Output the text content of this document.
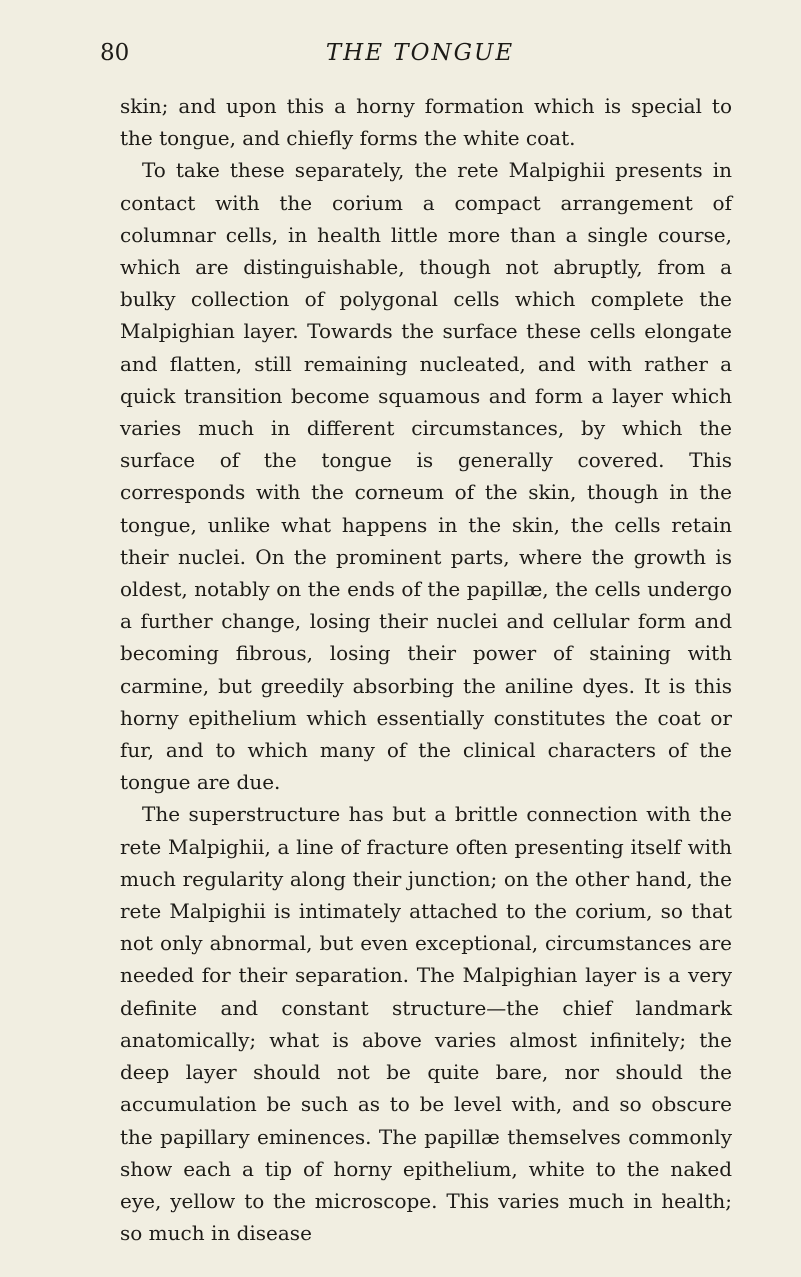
80	THE TONGUE

skin; and upon this a horny formation which is special to the tongue, and chiefly forms the white coat.

To take these separately, the rete Malpighii presents in contact with the corium a compact arrangement of columnar cells, in health little more than a single course, which are distinguishable, though not abruptly, from a bulky collection of polygonal cells which complete the Malpighian layer. Towards the surface these cells elongate and flatten, still remaining nucleated, and with rather a quick transition become squamous and form a layer which varies much in different circumstances, by which the surface of the tongue is generally covered. This corresponds with the corneum of the skin, though in the tongue, unlike what happens in the skin, the cells retain their nuclei. On the prominent parts, where the growth is oldest, notably on the ends of the papillæ, the cells undergo a further change, losing their nuclei and cellular form and becoming fibrous, losing their power of staining with carmine, but greedily absorbing the aniline dyes. It is this horny epithelium which essentially constitutes the coat or fur, and to which many of the clinical characters of the tongue are due.

The superstructure has but a brittle connection with the rete Malpighii, a line of fracture often presenting itself with much regularity along their junction; on the other hand, the rete Malpighii is intimately attached to the corium, so that not only abnormal, but even exceptional, circumstances are needed for their separation. The Malpighian layer is a very definite and constant structure—the chief landmark anatomically; what is above varies almost infinitely; the deep layer should not be quite bare, nor should the accumulation be such as to be level with, and so obscure the papillary eminences. The papillæ themselves commonly show each a tip of horny epithelium, white to the naked eye, yellow to the microscope. This varies much in health; so much in disease
